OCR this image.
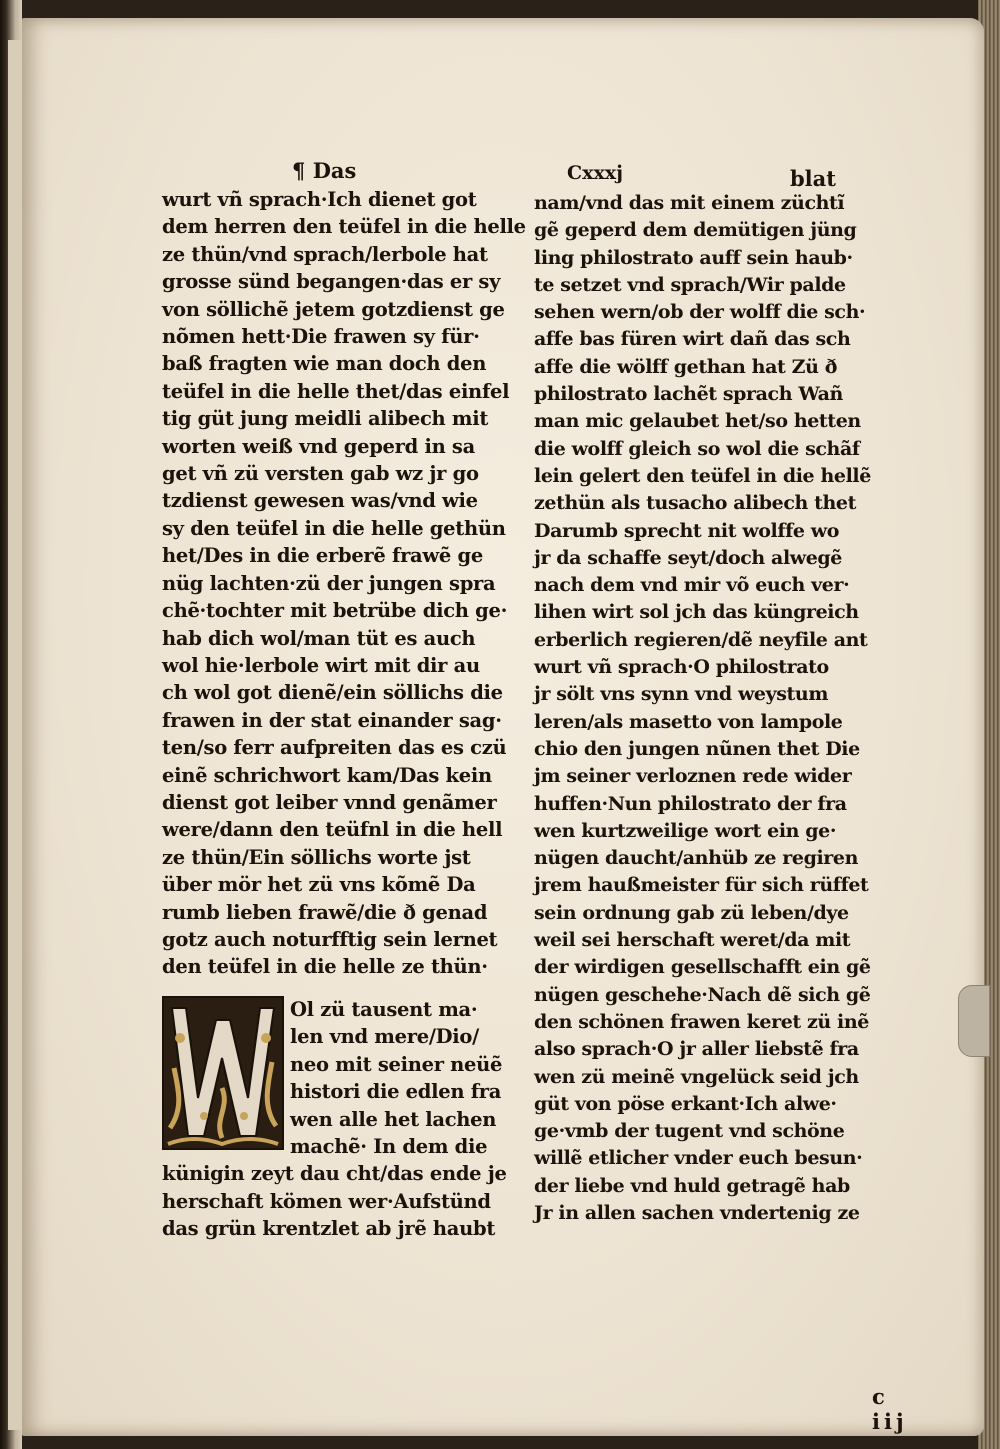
¶ Das	Cxxxj	blat
wurt vñ sprach·Ich dienet got
dem herren den teüfel in die helle
ze thün/vnd sprach/lerbole hat
grosse sünd begangen·das er sy
von söllichẽ jetem gotzdienst ge
nõmen hett·Die frawen sy für·
baß fragten wie man doch den
teüfel in die helle thet/das einfel
tig güt jung meidli alibech mit
worten weiß vnd geperd in sa
get vñ zü versten gab wz jr go
tzdienst gewesen was/vnd wie
sy den teüfel in die helle gethün
het/Des in die erberẽ frawẽ ge
nüg lachten·zü der jungen spra
chẽ·tochter mit betrübe dich ge·
hab dich wol/man tüt es auch
wol hie·lerbole wirt mit dir au
ch wol got dienẽ/ein söllichs die
frawen in der stat einander sag·
ten/so ferr aufpreiten das es czü
einẽ schrichwort kam/Das kein
dienst got leiber vnnd genãmer
were/dann den teüfnl in die hell
ze thün/Ein söllichs worte jst
über mör het zü vns kõmẽ Da
rumb lieben frawẽ/die ð genad
gotz auch noturfftig sein lernet
den teüfel in die helle ze thün·
Ol zü tausent ma·
len vnd mere/Dio/
neo mit seiner neüẽ
histori die edlen fra
wen alle het lachen
machẽ· In dem die
künigin zeyt dau cht/das ende je
herschaft kömen wer·Aufstünd
das grün krentzlet ab jrẽ haubt
nam/vnd das mit einem züchtĩ
gẽ geperd dem demütigen jüng
ling philostrato auff sein haub·
te setzet vnd sprach/Wir palde
sehen wern/ob der wolff die sch·
affe bas füren wirt dañ das sch
affe die wölff gethan hat Zü ð
philostrato lachẽt sprach Wañ
man mic gelaubet het/so hetten
die wolff gleich so wol die schãf
lein gelert den teüfel in die hellẽ
zethün als tusacho alibech thet
Darumb sprecht nit wolffe wo
jr da schaffe seyt/doch alwegẽ
nach dem vnd mir võ euch ver·
lihen wirt sol jch das küngreich
erberlich regieren/dẽ neyfile ant
wurt vñ sprach·O philostrato
jr sölt vns synn vnd weystum
leren/als masetto von lampole
chio den jungen nũnen thet Die
jm seiner verloznen rede wider
huffen·Nun philostrato der fra
wen kurtzweilige wort ein ge·
nügen daucht/anhüb ze regiren
jrem haußmeister für sich rüffet
sein ordnung gab zü leben/dye
weil sei herschaft weret/da mit
der wirdigen gesellschafft ein gẽ
nügen geschehe·Nach dẽ sich gẽ
den schönen frawen keret zü inẽ
also sprach·O jr aller liebstẽ fra
wen zü meinẽ vngelück seid jch
güt von pöse erkant·Ich alwe·
ge·vmb der tugent vnd schöne
willẽ etlicher vnder euch besun·
der liebe vnd huld getragẽ hab
Jr in allen sachen vndertenig ze
c iij
